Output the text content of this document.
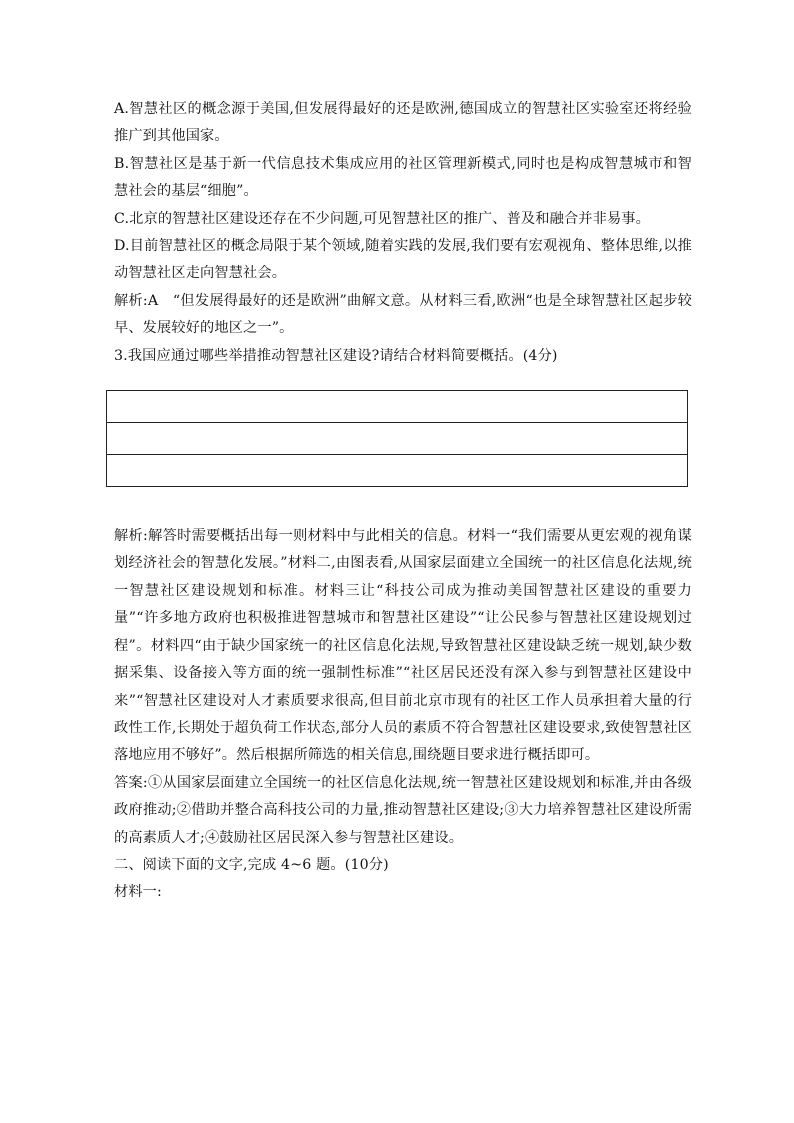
A.智慧社区的概念源于美国,但发展得最好的还是欧洲,德国成立的智慧社区实验室还将经验推广到其他国家。

B.智慧社区是基于新一代信息技术集成应用的社区管理新模式,同时也是构成智慧城市和智慧社会的基层“细胞”。

C.北京的智慧社区建设还存在不少问题,可见智慧社区的推广、普及和融合并非易事。

D.目前智慧社区的概念局限于某个领域,随着实践的发展,我们要有宏观视角、整体思维,以推动智慧社区走向智慧社会。

解析:A　“但发展得最好的还是欧洲”曲解文意。从材料三看,欧洲“也是全球智慧社区起步较早、发展较好的地区之一”。

3.我国应通过哪些举措推动智慧社区建设?请结合材料简要概括。(4分)

解析:解答时需要概括出每一则材料中与此相关的信息。材料一“我们需要从更宏观的视角谋划经济社会的智慧化发展。”材料二,由图表看,从国家层面建立全国统一的社区信息化法规,统一智慧社区建设规划和标准。材料三让“科技公司成为推动美国智慧社区建设的重要力量”“许多地方政府也积极推进智慧城市和智慧社区建设”“让公民参与智慧社区建设规划过程”。材料四“由于缺少国家统一的社区信息化法规,导致智慧社区建设缺乏统一规划,缺少数据采集、设备接入等方面的统一强制性标准”“社区居民还没有深入参与到智慧社区建设中来”“智慧社区建设对人才素质要求很高,但目前北京市现有的社区工作人员承担着大量的行政性工作,长期处于超负荷工作状态,部分人员的素质不符合智慧社区建设要求,致使智慧社区落地应用不够好”。然后根据所筛选的相关信息,围绕题目要求进行概括即可。

答案:①从国家层面建立全国统一的社区信息化法规,统一智慧社区建设规划和标准,并由各级政府推动;②借助并整合高科技公司的力量,推动智慧社区建设;③大力培养智慧社区建设所需的高素质人才;④鼓励社区居民深入参与智慧社区建设。

二、阅读下面的文字,完成 4~6 题。(10分)

材料一:
